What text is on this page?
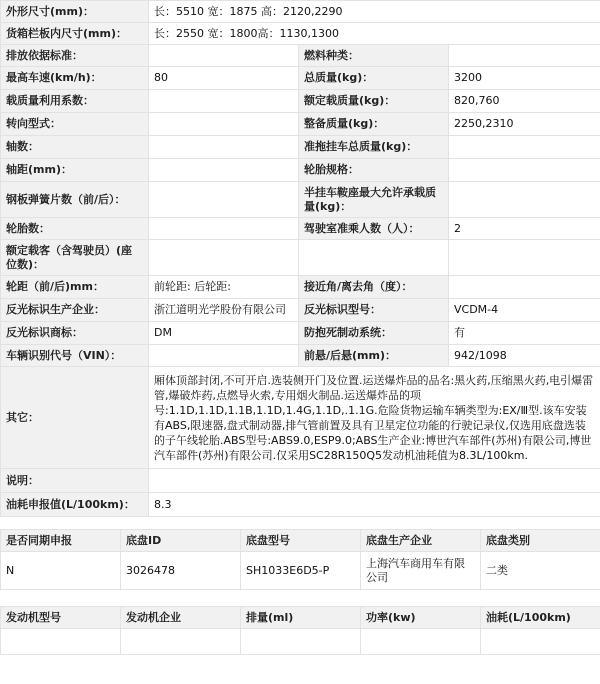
外形尺寸(mm)：	长：5510 宽：1875 高：2120,2290		
货箱栏板内尺寸(mm)：	长：2550 宽：1800高：1130,1300		
排放依据标准：		燃料种类：	
最高车速(km/h)：	80	总质量(kg)：	3200
载质量利用系数：		额定载质量(kg)：	820,760
转向型式：		整备质量(kg)：	2250,2310
轴数：		准拖挂车总质量(kg)：	
轴距(mm)：		轮胎规格：	
钢板弹簧片数（前/后）：		半挂车鞍座最大允许承载质量(kg)：	
轮胎数：		驾驶室准乘人数（人）：	2
额定载客（含驾驶员）(座位数)：			
轮距（前/后)mm：	前轮距: 后轮距:	接近角/离去角（度）：	
反光标识生产企业：	浙江道明光学股份有限公司	反光标识型号：	VCDM-4
反光标识商标：	DM	防抱死制动系统：	有
车辆识别代号（VIN）：		前悬/后悬(mm)：	942/1098
其它：	厢体顶部封闭,不可开启.选装侧开门及位置.运送爆炸品的品名:黑火药,压缩黑火药,电引爆雷管,爆破炸药,点燃导火索,专用烟火制品.运送爆炸品的项号:1.1D,1.1D,1.1B,1.1D,1.4G,1.1D,.1.1G.危险货物运输车辆类型为:EX/Ⅲ型.该车安装有ABS,限速器,盘式制动器,排气管前置及具有卫星定位功能的行驶记录仪,仅选用底盘选装的子午线轮胎.ABS型号:ABS9.0,ESP9.0;ABS生产企业:博世汽车部件(苏州)有限公司,博世汽车部件(苏州)有限公司.仅采用SC28R150Q5发动机油耗值为8.3L/100km.		
说明：			
油耗申报值(L/100km)：	8.3		
是否同期申报	底盘ID	底盘型号	底盘生产企业	底盘类别
N	3026478	SH1033E6D5-P	上海汽车商用车有限公司	二类
发动机型号	发动机企业	排量(ml)	功率(kw)	油耗(L/100km)
